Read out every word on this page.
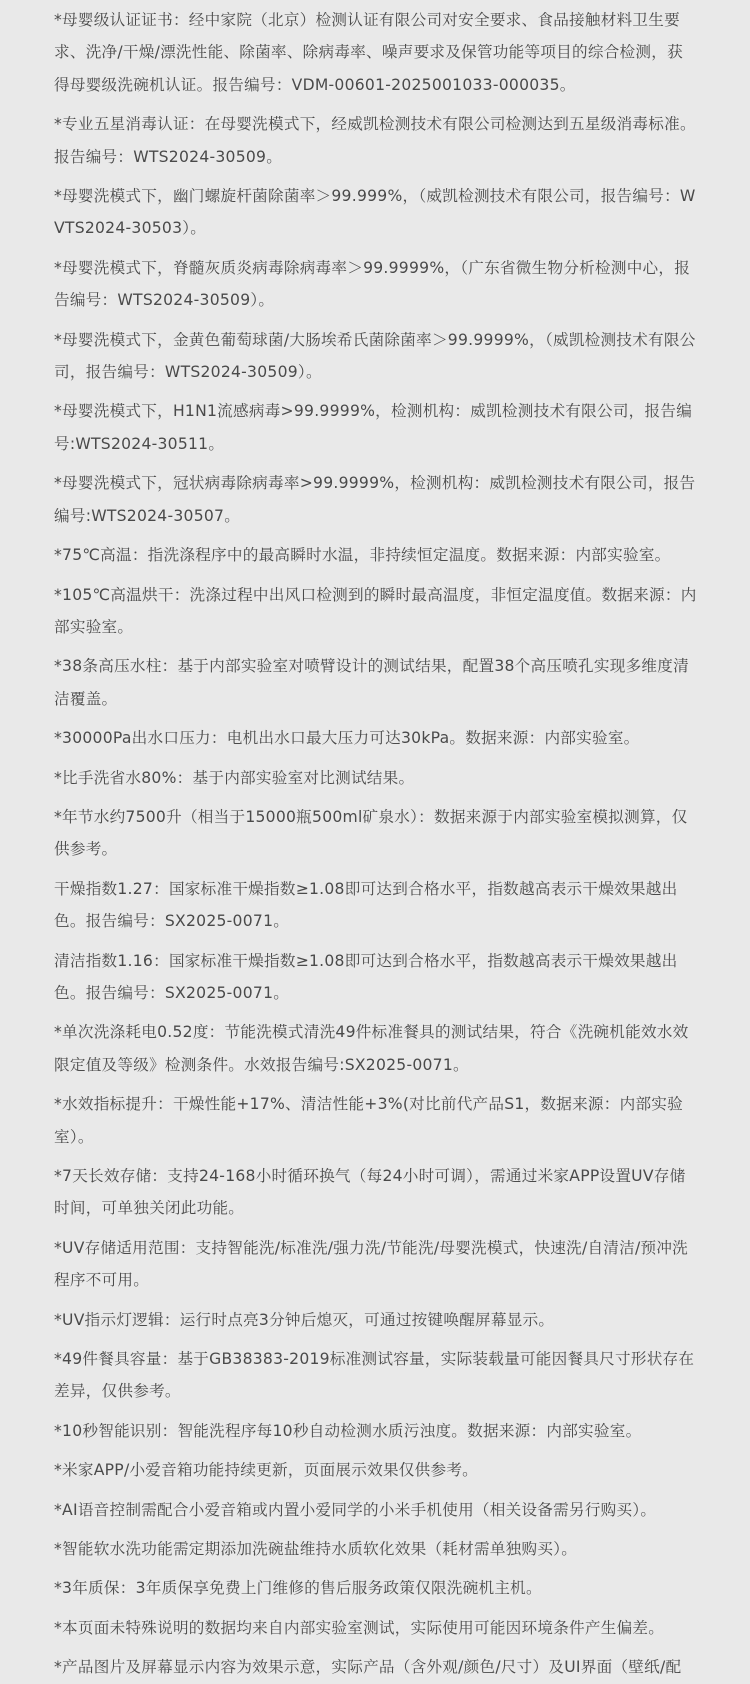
*母婴级认证证书：经中家院（北京）检测认证有限公司对安全要求、食品接触材料卫生要求、洗净/干燥/漂洗性能、除菌率、除病毒率、噪声要求及保管功能等项目的综合检测，获得母婴级洗碗机认证。报告编号：VDM-00601-2025001033-000035。

*专业五星消毒认证：在母婴洗模式下，经威凯检测技术有限公司检测达到五星级消毒标准。报告编号：WTS2024-30509。

*母婴洗模式下，幽门螺旋杆菌除菌率＞99.999%，（威凯检测技术有限公司，报告编号：WVTS2024-30503）。

*母婴洗模式下，脊髓灰质炎病毒除病毒率＞99.9999%，（广东省微生物分析检测中心，报告编号：WTS2024-30509）。

*母婴洗模式下，金黄色葡萄球菌/大肠埃希氏菌除菌率＞99.9999%，（威凯检测技术有限公司，报告编号：WTS2024-30509）。

*母婴洗模式下，H1N1流感病毒>99.9999%，检测机构：威凯检测技术有限公司，报告编号:WTS2024-30511。

*母婴洗模式下，冠状病毒除病毒率>99.9999%，检测机构：威凯检测技术有限公司，报告编号:WTS2024-30507。

*75℃高温：指洗涤程序中的最高瞬时水温，非持续恒定温度。数据来源：内部实验室。

*105℃高温烘干：洗涤过程中出风口检测到的瞬时最高温度，非恒定温度值。数据来源：内部实验室。

*38条高压水柱：基于内部实验室对喷臂设计的测试结果，配置38个高压喷孔实现多维度清洁覆盖。

*30000Pa出水口压力：电机出水口最大压力可达30kPa。数据来源：内部实验室。

*比手洗省水80%：基于内部实验室对比测试结果。

*年节水约7500升（相当于15000瓶500ml矿泉水）：数据来源于内部实验室模拟测算，仅供参考。

干燥指数1.27：国家标准干燥指数≥1.08即可达到合格水平，指数越高表示干燥效果越出色。报告编号：SX2025-0071。

清洁指数1.16：国家标准干燥指数≥1.08即可达到合格水平，指数越高表示干燥效果越出色。报告编号：SX2025-0071。

*单次洗涤耗电0.52度：节能洗模式清洗49件标准餐具的测试结果，符合《洗碗机能效水效限定值及等级》检测条件。水效报告编号:SX2025-0071。

*水效指标提升：干燥性能+17%、清洁性能+3%(对比前代产品S1，数据来源：内部实验室）。

*7天长效存储：支持24-168小时循环换气（每24小时可调），需通过米家APP设置UV存储时间，可单独关闭此功能。

*UV存储适用范围：支持智能洗/标准洗/强力洗/节能洗/母婴洗模式，快速洗/自清洁/预冲洗程序不可用。

*UV指示灯逻辑：运行时点亮3分钟后熄灭，可通过按键唤醒屏幕显示。

*49件餐具容量：基于GB38383-2019标准测试容量，实际装载量可能因餐具尺寸形状存在差异，仅供参考。

*10秒智能识别：智能洗程序每10秒自动检测水质污浊度。数据来源：内部实验室。

*米家APP/小爱音箱功能持续更新，页面展示效果仅供参考。

*AI语音控制需配合小爱音箱或内置小爱同学的小米手机使用（相关设备需另行购买）。

*智能软水洗功能需定期添加洗碗盐维持水质软化效果（耗材需单独购买）。

*3年质保：3年质保享免费上门维修的售后服务政策仅限洗碗机主机。

*本页面未特殊说明的数据均来自内部实验室测试，实际使用可能因环境条件产生偏差。

*产品图片及屏幕显示内容为效果示意，实际产品（含外观/颜色/尺寸）及UI界面（壁纸/配
